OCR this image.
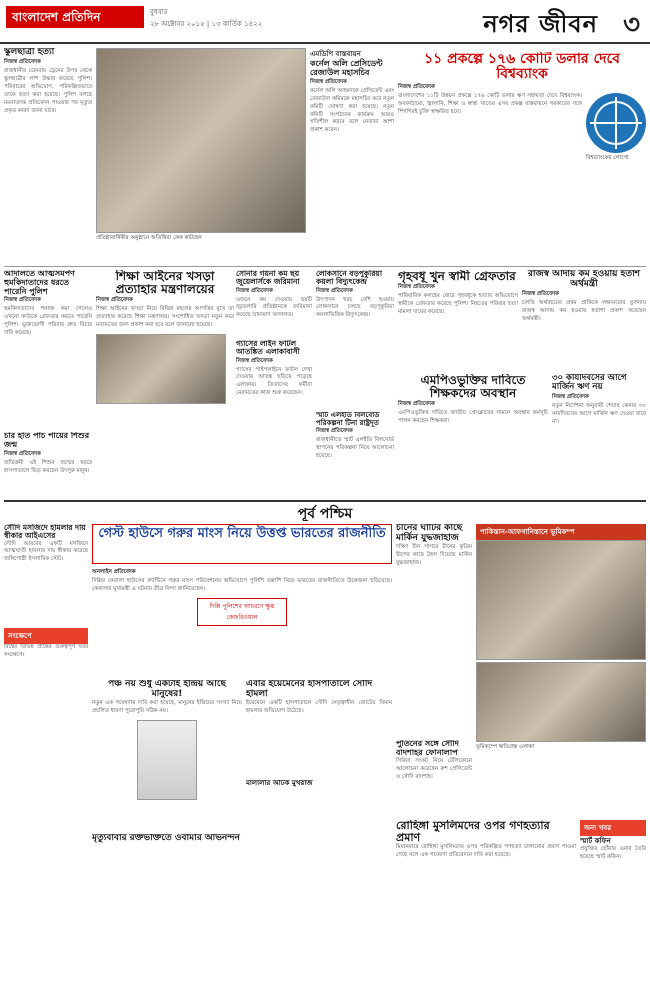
বাংলাদেশ প্রতিদিন	বুধবার
২৮ অক্টোবর ২০১৫ | ১৩ কার্তিক ১৪২২	নগর জীবন ৩
স্কুলছাত্রী হত্যা
নিজস্ব প্রতিবেদক
রাজধানীর ডেমরায় ড্রেনের উপর থেকে স্কুলছাত্রীর লাশ উদ্ধার করেছে পুলিশ। পরিবারের অভিযোগ, পরিকল্পিতভাবে তাকে হত্যা করা হয়েছে। পুলিশ বলছে ময়নাতদন্ত প্রতিবেদন পাওয়ার পর মৃত্যুর প্রকৃত কারণ জানা যাবে।
প্রতিষ্ঠাবার্ষিকীর অনুষ্ঠানে অতিথিরা কেক কাটছেন
এমডিপি বাস্তবায়ন
কর্নেল অলি প্রেসিডেন্ট রেজাউল মহাসচিব
নিজস্ব প্রতিবেদক
কর্নেল অলি আহমদকে প্রেসিডেন্ট এবং রেজাউল করিমকে মহাসচিব করে নতুন কমিটি ঘোষণা করা হয়েছে। নতুন কমিটি সংগঠনের কার্যক্রম আরও গতিশীল করবে বলে নেতারা আশা প্রকাশ করেন।
১১ প্রকল্পে ১৭৬ কোটি ডলার দেবে বিশ্বব্যাংক
নিজস্ব প্রতিবেদক
বাংলাদেশের ১১টি উন্নয়ন প্রকল্পে ১৭৬ কোটি ডলার ঋণ সহায়তা দেবে বিশ্বব্যাংক। অবকাঠামো, জ্বালানি, শিক্ষা ও স্বাস্থ্য খাতের এসব প্রকল্প বাস্তবায়নে সরকারের সঙ্গে শিগগিরই চুক্তি স্বাক্ষরিত হবে।
বিশ্বব্যাংকের লোগো
আদালতে আত্মসমর্পণ হুমকিদাতাদের ধরতে পারেনি পুলিশ
নিজস্ব প্রতিবেদক
হুমকিদাতাদের শনাক্ত করা গেলেও এখনো কাউকে গ্রেফতার করতে পারেনি পুলিশ। ভুক্তভোগী পরিবার দ্রুত বিচার দাবি করেছে।
শিক্ষা আইনের খসড়া প্রত্যাহার মন্ত্রণালয়ের
নিজস্ব প্রতিবেদক
শিক্ষা আইনের খসড়া নিয়ে বিভিন্ন মহলের আপত্তির মুখে তা প্রত্যাহার করেছে শিক্ষা মন্ত্রণালয়। সংশোধিত খসড়া নতুন করে মতামতের জন্য প্রকাশ করা হবে বলে জানানো হয়েছে।
সোনার গয়না কম ছয় জুয়েলার্সকে জরিমানা
নিজস্ব প্রতিবেদক
ওজনে কম দেওয়ায় ছয়টি জুয়েলারি প্রতিষ্ঠানকে জরিমানা করেছে ভ্রাম্যমাণ আদালত।
গ্যাসের লাইন ফাটল আতঙ্কিত এলাকাবাসী
নিজস্ব প্রতিবেদক
গ্যাসের পাইপলাইনে ফাটল দেখা দেওয়ায় আতঙ্ক ছড়িয়ে পড়েছে এলাকায়। তিতাসের কর্মীরা মেরামতের কাজ শুরু করেছেন।
লোকসানে বড়পুকুরিয়া কয়লা বিদ্যুৎকেন্দ্র
নিজস্ব প্রতিবেদক
উৎপাদন খরচ বেশি হওয়ায় লোকসানে চলছে বড়পুকুরিয়া কয়লাভিত্তিক বিদ্যুৎকেন্দ্র।
স্মার্ট এলইডি বিলবোর্ড পরিকল্পনা টিনা রাষ্ট্রদূত
নিজস্ব প্রতিবেদক
রাজধানীতে স্মার্ট এলইডি বিলবোর্ড স্থাপনের পরিকল্পনা নিয়ে আলোচনা হয়েছে।
গৃহবধূ খুন স্বামী গ্রেফতার
নিজস্ব প্রতিবেদক
পারিবারিক কলহের জেরে গৃহবধূকে হত্যার অভিযোগে স্বামীকে গ্রেফতার করেছে পুলিশ। নিহতের পরিবার হত্যা মামলা দায়ের করেছে।
রাজস্ব আদায় কম হওয়ায় হতাশ অর্থমন্ত্রী
নিজস্ব প্রতিবেদক
চলতি অর্থবছরের প্রথম প্রান্তিকে লক্ষ্যমাত্রার তুলনায় রাজস্ব আদায় কম হওয়ায় হতাশা প্রকাশ করেছেন অর্থমন্ত্রী।
এমপিওভুক্তির দাবিতে শিক্ষকদের অবস্থান
নিজস্ব প্রতিবেদক
এমপিওভুক্তির দাবিতে জাতীয় প্রেসক্লাবের সামনে অবস্থান কর্মসূচি পালন করছেন শিক্ষকরা।
৩০ কার্যদিবসের আগে মার্জিন ঋণ নয়
নিজস্ব প্রতিবেদক
নতুন নির্দেশনা অনুযায়ী শেয়ার কেনার ৩০ কার্যদিবসের আগে মার্জিন ঋণ দেওয়া যাবে না।
চার হাত পাঁচ পায়ের শিশুর জন্ম
নিজস্ব প্রতিবেদক
ব্যতিক্রমী এই শিশুর জন্মের খবরে হাসপাতালে ভিড় করছেন উৎসুক মানুষ।
পূর্ব পশ্চিম
সৌদি মসজিদে হামলার দায় স্বীকার আইএসের
সৌদি আরবের একটি মসজিদে আত্মঘাতী হামলার দায় স্বীকার করেছে জঙ্গিগোষ্ঠী ইসলামিক স্টেট।
সংক্ষেপে
বিশ্বের বিভিন্ন প্রান্তের গুরুত্বপূর্ণ খবর সংক্ষেপে।
গেস্ট হাউসে গরুর মাংস নিয়ে উত্তপ্ত ভারতের রাজনীতি
অনলাইন প্রতিবেদক
দিল্লির কেরালা হাউসের ক্যান্টিনে গরুর মাংস পরিবেশনের অভিযোগে পুলিশি তল্লাশি নিয়ে ভারতের রাজনীতিতে উত্তেজনা ছড়িয়েছে। কেরালার মুখ্যমন্ত্রী এ ঘটনার তীব্র নিন্দা জানিয়েছেন।
দিল্লি পুলিশের আচরণে ক্ষুব্ধ কেজরিওয়াল
পঞ্চ নয় শুধু একটাই ইন্দ্রিয় আছে মানুষের!
নতুন এক গবেষণায় দাবি করা হয়েছে, মানুষের ইন্দ্রিয়ের সংখ্যা নিয়ে প্রচলিত ধারণা পুরোপুরি সঠিক নয়।
এবার ইয়েমেনের হাসপাতালে সৌদি হামলা
ইয়েমেনে একটি হাসপাতালে সৌদি নেতৃত্বাধীন জোটের বিমান হামলার অভিযোগ উঠেছে।
মালালার অটিক মুখরাজ
মৃত্যুবাবার রক্তভক্তিতে ওবামার অভিনন্দন
চীনের ঘাঁটির কাছে মার্কিন যুদ্ধজাহাজ
দক্ষিণ চীন সাগরে চীনের কৃত্রিম দ্বীপের কাছে টহল দিয়েছে মার্কিন যুদ্ধজাহাজ।
পুতিনের সঙ্গে সৌদি বাদশাহর ফোনালাপ
সিরিয়া সংকট নিয়ে টেলিফোনে আলোচনা করেছেন রুশ প্রেসিডেন্ট ও সৌদি বাদশাহ।
পাকিস্তান-আফগানিস্তানে ভূমিকম্প
ভূমিকম্পে ক্ষতিগ্রস্ত এলাকা
রোহিঙ্গা মুসলিমদের ওপর গণহত্যার প্রমাণ
মিয়ানমারে রোহিঙ্গা মুসলিমদের ওপর পরিকল্পিত গণহত্যা চালানোর প্রমাণ পাওয়া গেছে বলে এক গবেষণা প্রতিবেদনে দাবি করা হয়েছে।
অন্য খবর
স্মার্ট কফিন
প্রযুক্তির ছোঁয়ায় এবার তৈরি হয়েছে স্মার্ট কফিন।
